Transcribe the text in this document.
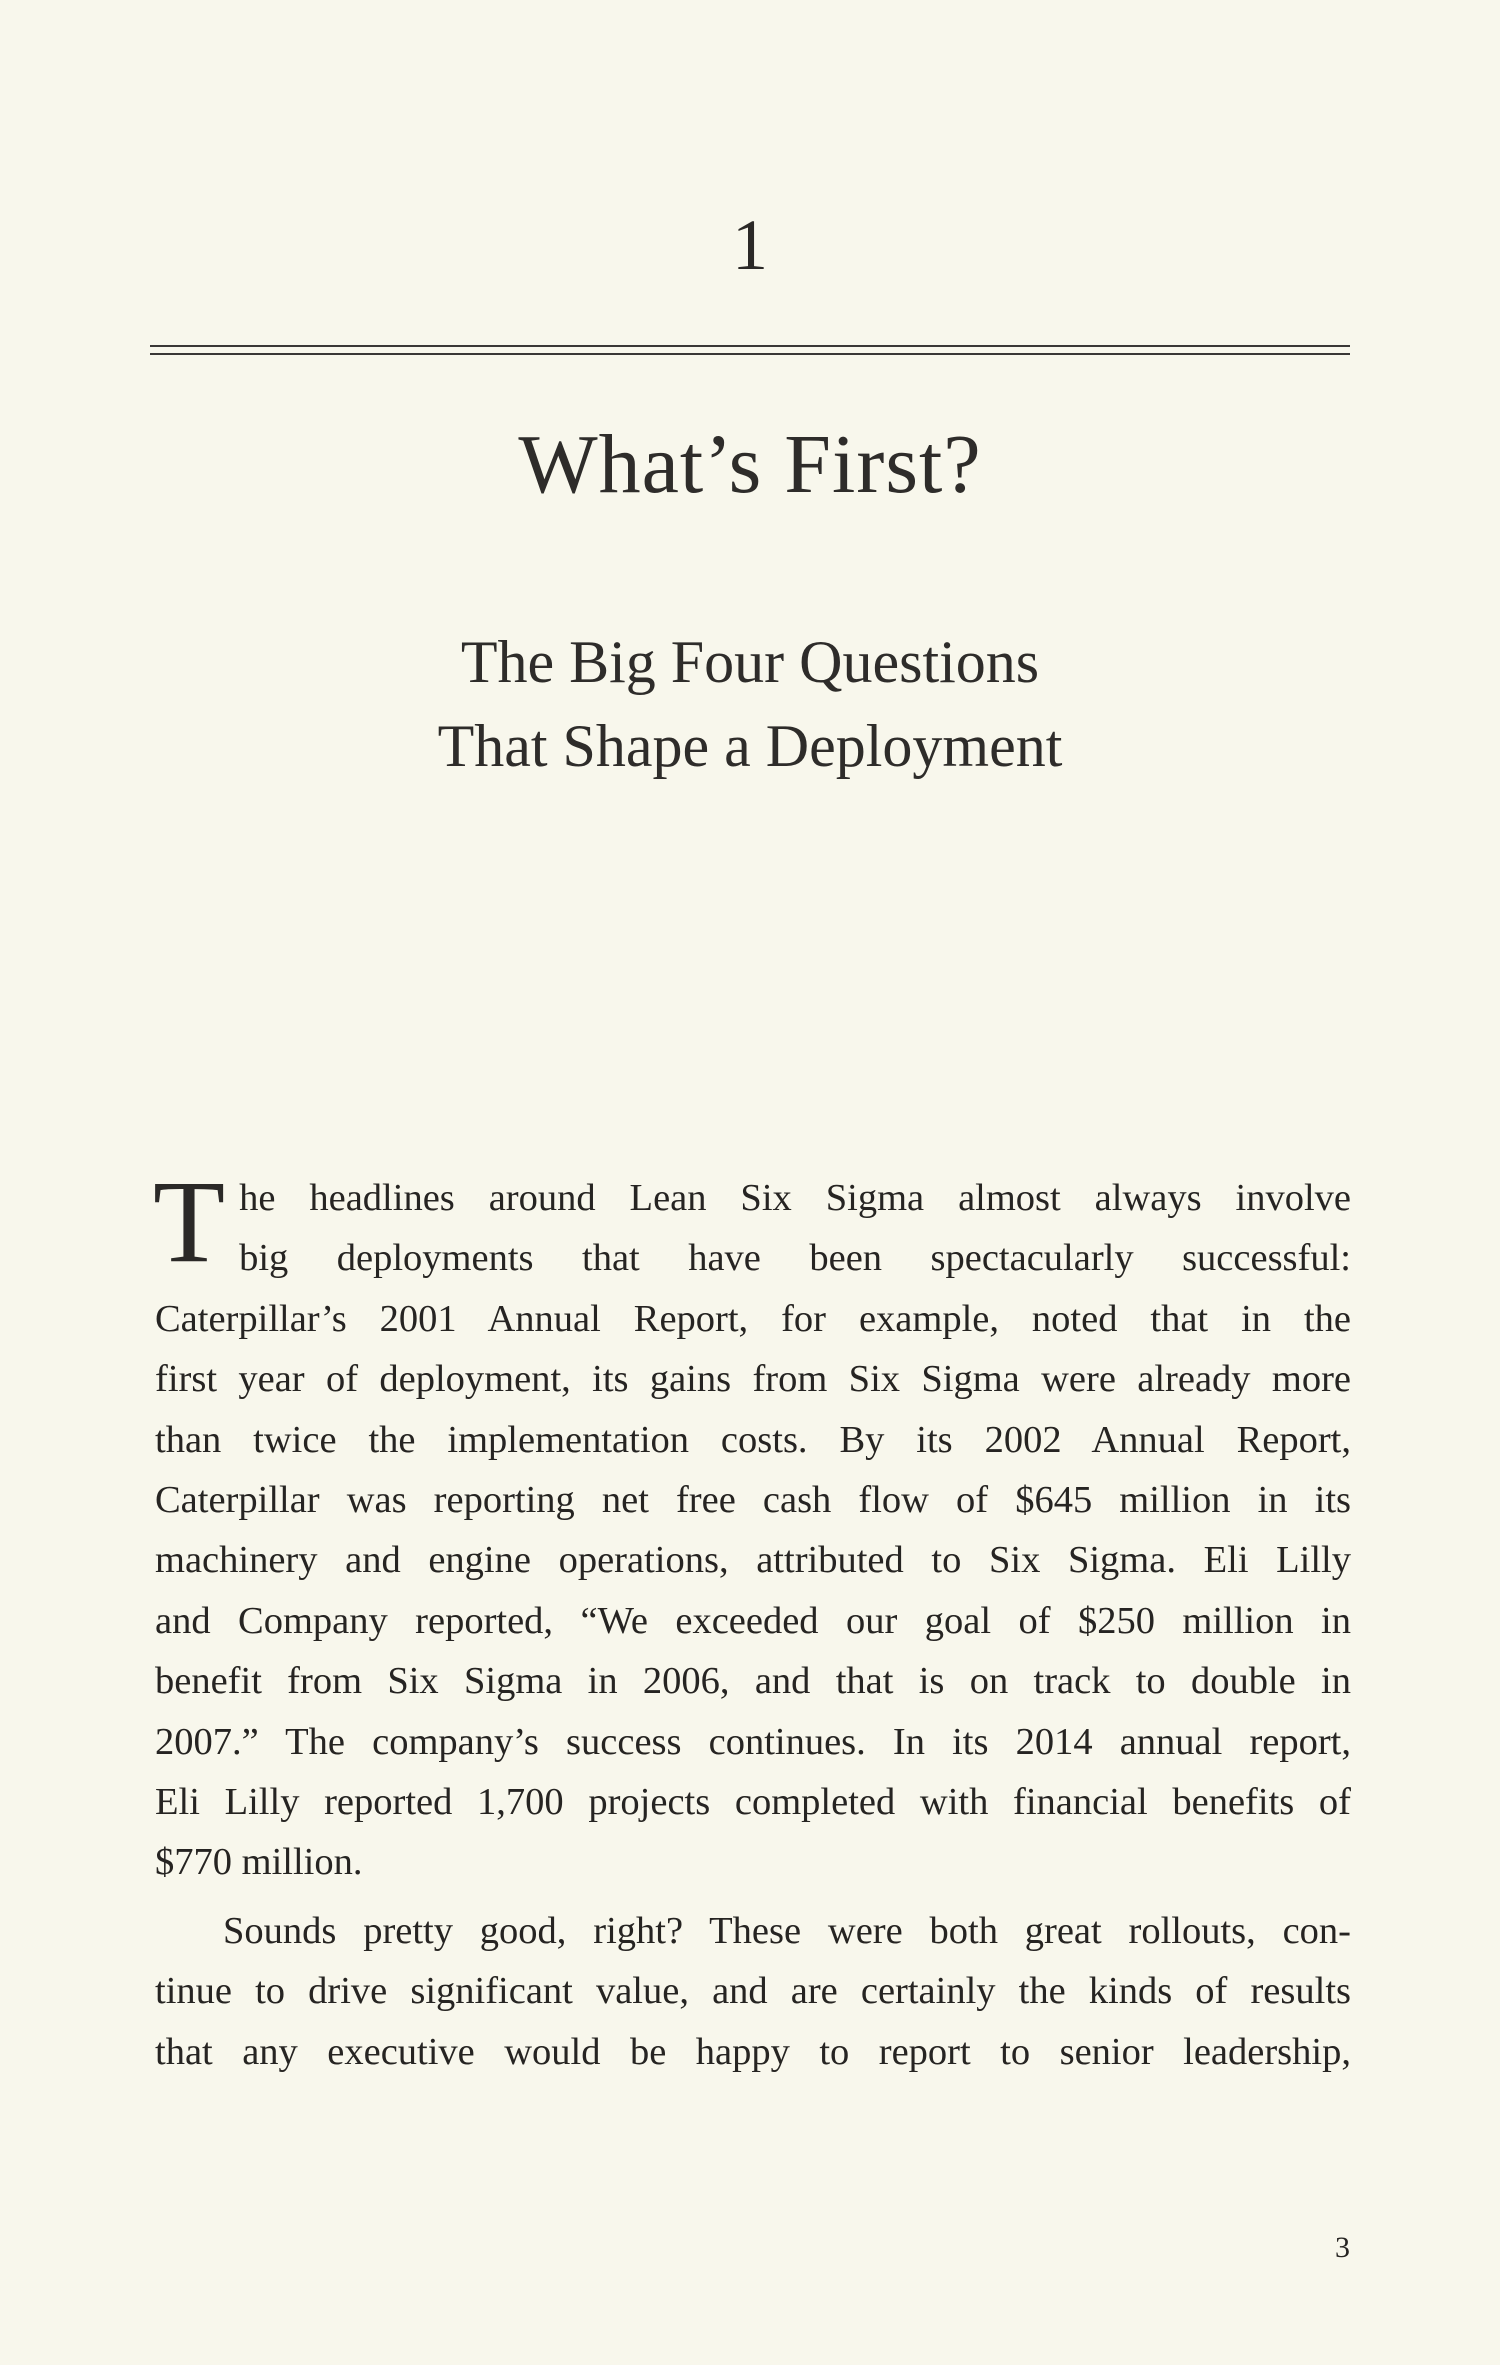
1
What’s First?
The Big Four Questions
That Shape a Deployment

T he headlines around Lean Six Sigma almost always involve
big deployments that have been spectacularly successful:
Caterpillar’s 2001 Annual Report, for example, noted that in the
first year of deployment, its gains from Six Sigma were already more
than twice the implementation costs. By its 2002 Annual Report,
Caterpillar was reporting net free cash flow of $645 million in its
machinery and engine operations, attributed to Six Sigma. Eli Lilly
and Company reported, “We exceeded our goal of $250 million in
benefit from Six Sigma in 2006, and that is on track to double in
2007.” The company’s success continues. In its 2014 annual report,
Eli Lilly reported 1,700 projects completed with financial benefits of
$770 million.

Sounds pretty good, right? These were both great rollouts, con-
tinue to drive significant value, and are certainly the kinds of results
that any executive would be happy to report to senior leadership,

3
